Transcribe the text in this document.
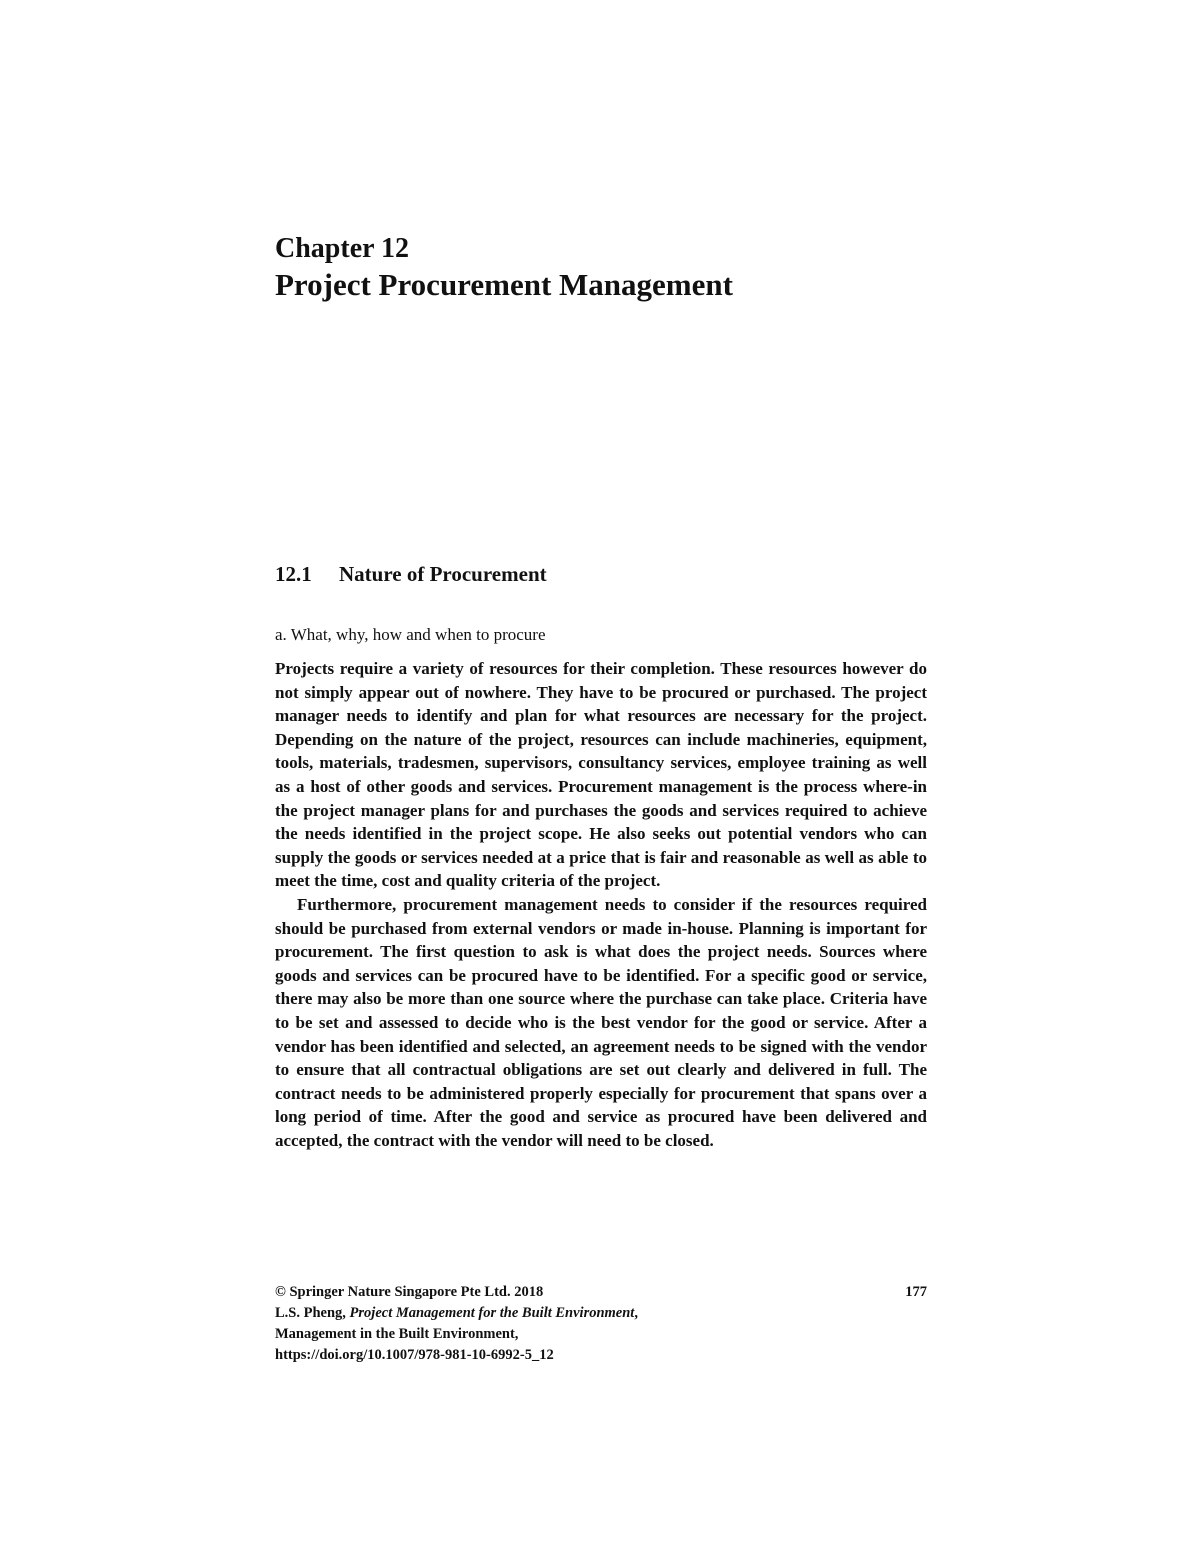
Chapter 12
Project Procurement Management
12.1 Nature of Procurement
a. What, why, how and when to procure

Projects require a variety of resources for their completion. These resources however do not simply appear out of nowhere. They have to be procured or purchased. The project manager needs to identify and plan for what resources are necessary for the project. Depending on the nature of the project, resources can include machineries, equipment, tools, materials, tradesmen, supervisors, consultancy services, employee training as well as a host of other goods and services. Procurement management is the process where-in the project manager plans for and purchases the goods and services required to achieve the needs identified in the project scope. He also seeks out potential vendors who can supply the goods or services needed at a price that is fair and reasonable as well as able to meet the time, cost and quality criteria of the project.

Furthermore, procurement management needs to consider if the resources required should be purchased from external vendors or made in-house. Planning is important for procurement. The first question to ask is what does the project needs. Sources where goods and services can be procured have to be identified. For a specific good or service, there may also be more than one source where the purchase can take place. Criteria have to be set and assessed to decide who is the best vendor for the good or service. After a vendor has been identified and selected, an agreement needs to be signed with the vendor to ensure that all contractual obligations are set out clearly and delivered in full. The contract needs to be administered properly especially for procurement that spans over a long period of time. After the good and service as procured have been delivered and accepted, the contract with the vendor will need to be closed.

© Springer Nature Singapore Pte Ltd. 2018
L.S. Pheng, Project Management for the Built Environment,
Management in the Built Environment,
https://doi.org/10.1007/978-981-10-6992-5_12
177
